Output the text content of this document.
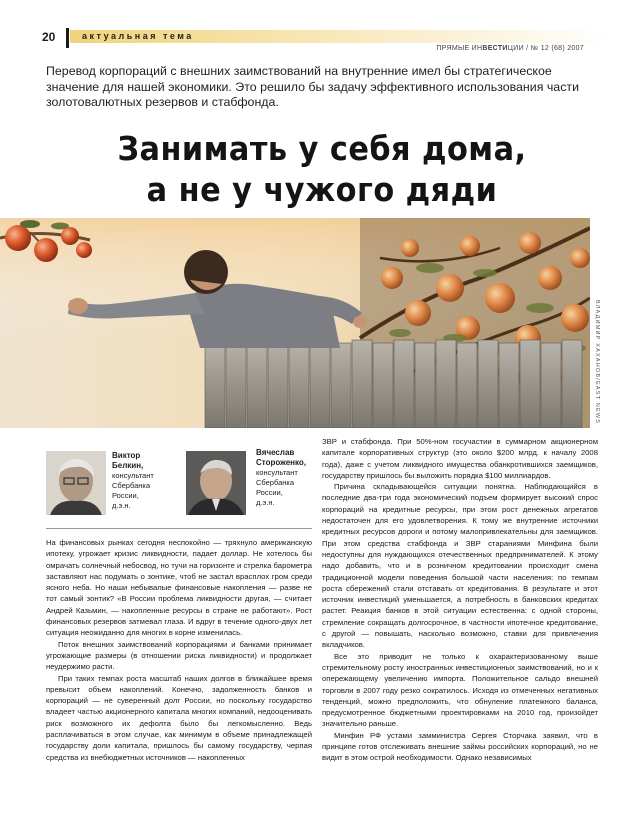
20	актуальная тема
ПРЯМЫЕ ИНВЕСТИЦИИ / № 12 (68) 2007
Перевод корпораций с внешних заимствований на внутренние имел бы стратегическое значение для нашей экономики. Это решило бы задачу эффективного использования части золотовалютных резервов и стабфонда.
Занимать у себя дома,
а не у чужого дяди
ВЛАДИМИР ХАХАНОВ/EAST NEWS
Виктор
Белкин,
консультант
Сбербанка
России,
д.э.н.
Вячеслав
Стороженко,
консультант
Сбербанка
России,
д.э.н.

На финансовых рынках сегодня неспокойно — тряхнуло американскую ипотеку, угрожает кризис ликвидности, падает доллар. Не хотелось бы омрачать солнечный небосвод, но тучи на горизонте и стрелка барометра заставляют нас подумать о зонтике, чтоб не застал врасплох гром среди ясного неба. Но наши небывалые финансовые накопления — разве не тот самый зонтик? «В России проблема ликвидности другая, — считает Андрей Казьмин, — накопленные ресурсы в стране не работают». Рост финансовых резервов затмевал глаза. И вдруг в течение одного-двух лет ситуация неожиданно для многих в корне изменилась.

Поток внешних заимствований корпорациями и банками принимает угрожающие размеры (в отношении риска ликвидности) и продолжает неудержимо расти.

При таких темпах роста масштаб наших долгов в ближайшее время превысит объем накоплений. Конечно, задолженность банков и корпораций — не суверенный долг России, но поскольку государство владеет частью акционерного капитала многих компаний, недооценивать риск возможного их дефолта было бы легкомысленно. Ведь расплачиваться в этом случае, как минимум в объеме принадлежащей государству доли капитала, пришлось бы самому государству, черпая средства из внебюджетных источников — накопленных

ЗВР и стабфонда. При 50%-ном госучастии в суммарном акционерном капитале корпоративных структур (это около $200 млрд. к началу 2008 года), даже с учетом ликвидного имущества обанкротившихся заемщиков, государству пришлось бы выложить порядка $100 миллиардов.

Причина складывающейся ситуации понятна. Наблюдающийся в последние два-три года экономический подъем формирует высокий спрос корпораций на кредитные ресурсы, при этом рост денежных агрегатов недостаточен для его удовлетворения. К тому же внутренние источники кредитных ресурсов дороги и потому малопривлекательны для заемщиков. При этом средства стабфонда и ЗВР стараниями Минфина были недоступны для нуждающихся отечественных предпринимателей. К этому надо добавить, что и в розничном кредитовании происходит смена традиционной модели поведения большой части населения: по темпам роста сбережений стали отставать от кредитования. В результате и этот источник инвестиций уменьшается, а потребность в банковских кредитах растет. Реакция банков в этой ситуации естественна: с одной стороны, стремление сокращать долгосрочное, в частности ипотечное кредитование, с другой — повышать, насколько возможно, ставки для привлечения вкладчиков.

Все это приводит не только к охарактеризованному выше стремительному росту иностранных инвестиционных заимствований, но и к опережающему увеличению импорта. Положительное сальдо внешней торговли в 2007 году резко сократилось. Исходя из отмеченных негативных тенденций, можно предположить, что обнуление платежного баланса, предусмотренное бюджетными проектировками на 2010 год, произойдет значительно раньше.

Минфин РФ устами замминистра Сергея Сторчака заявил, что в принципе готов отслеживать внешние займы российских корпораций, но не видит в этом острой необходимости. Однако независимых
